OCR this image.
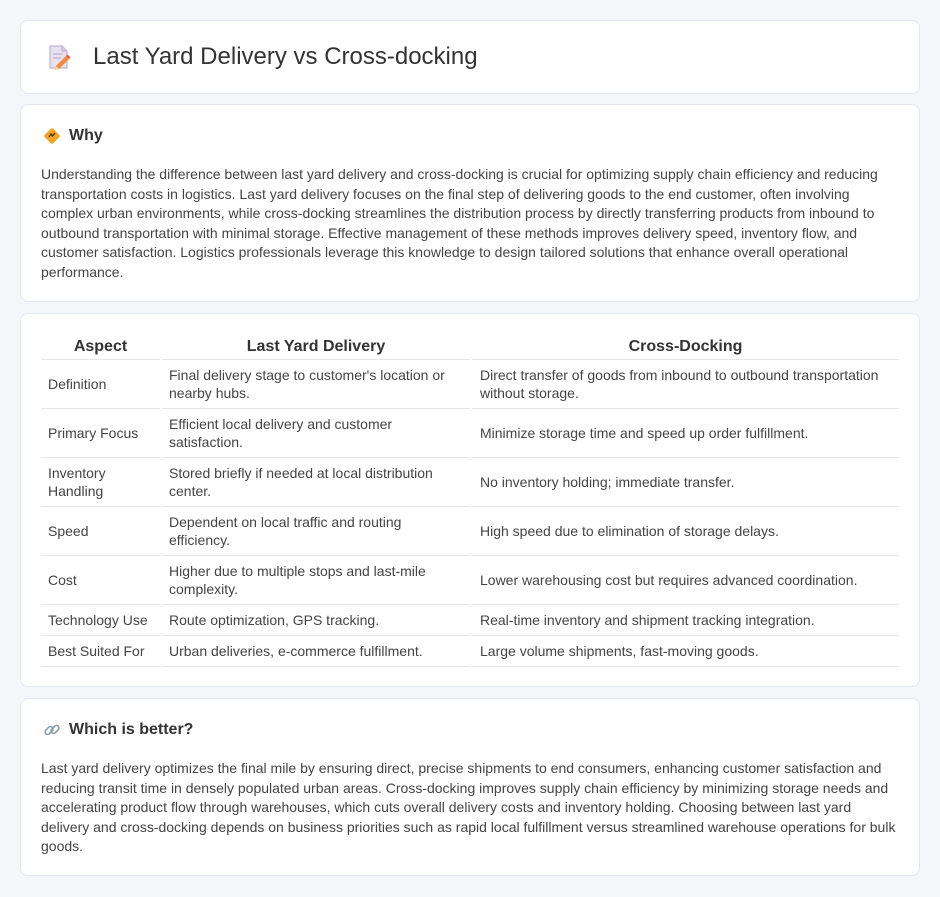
Last Yard Delivery vs Cross-docking
Why

Understanding the difference between last yard delivery and cross-docking is crucial for optimizing supply chain efficiency and reducing transportation costs in logistics. Last yard delivery focuses on the final step of delivering goods to the end customer, often involving complex urban environments, while cross-docking streamlines the distribution process by directly transferring products from inbound to outbound transportation with minimal storage. Effective management of these methods improves delivery speed, inventory flow, and customer satisfaction. Logistics professionals leverage this knowledge to design tailored solutions that enhance overall operational performance.

Aspect	Last Yard Delivery	Cross-Docking
Definition	Final delivery stage to customer's location or nearby hubs.	Direct transfer of goods from inbound to outbound transportation without storage.
Primary Focus	Efficient local delivery and customer satisfaction.	Minimize storage time and speed up order fulfillment.
Inventory Handling	Stored briefly if needed at local distribution center.	No inventory holding; immediate transfer.
Speed	Dependent on local traffic and routing efficiency.	High speed due to elimination of storage delays.
Cost	Higher due to multiple stops and last-mile complexity.	Lower warehousing cost but requires advanced coordination.
Technology Use	Route optimization, GPS tracking.	Real-time inventory and shipment tracking integration.
Best Suited For	Urban deliveries, e-commerce fulfillment.	Large volume shipments, fast-moving goods.
Which is better?

Last yard delivery optimizes the final mile by ensuring direct, precise shipments to end consumers, enhancing customer satisfaction and reducing transit time in densely populated urban areas. Cross-docking improves supply chain efficiency by minimizing storage needs and accelerating product flow through warehouses, which cuts overall delivery costs and inventory holding. Choosing between last yard delivery and cross-docking depends on business priorities such as rapid local fulfillment versus streamlined warehouse operations for bulk goods.
